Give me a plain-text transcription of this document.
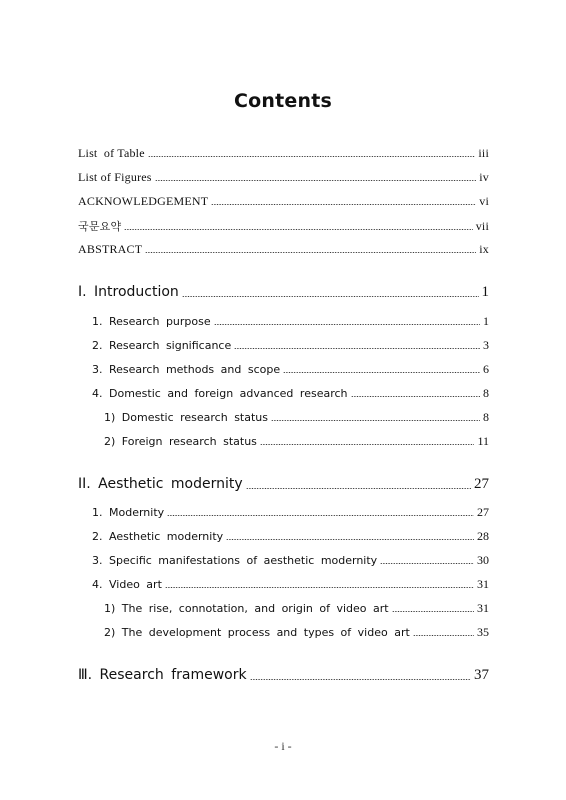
Contents
List  of Table	iii
List of Figures	iv
ACKNOWLEDGEMENT	vi
국문요약	vii
ABSTRACT	ix
I. Introduction	1
1. Research purpose	1
2. Research significance	3
3. Research methods and scope	6
4. Domestic and foreign advanced research	8
1) Domestic research status	8
2) Foreign research status	11
II. Aesthetic modernity	27
1. Modernity	27
2. Aesthetic modernity	28
3. Specific manifestations of aesthetic modernity	30
4. Video art	31
1) The rise, connotation, and origin of video art	31
2) The development process and types of video art	35
Ⅲ. Research framework	37
- i -
